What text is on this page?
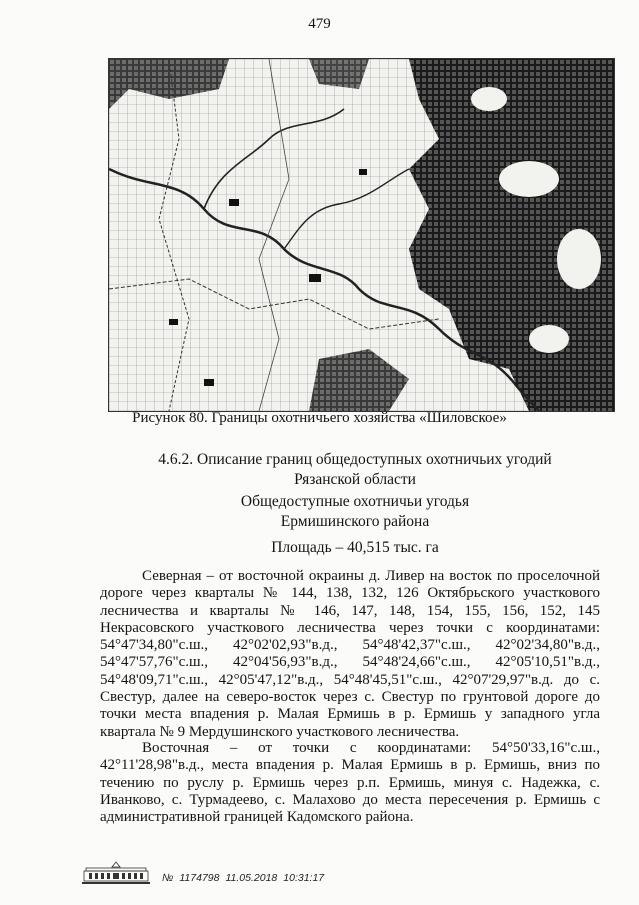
479
Рисунок 80. Границы охотничьего хозяйства «Шиловское»
4.6.2. Описание границ общедоступных охотничьих угодий
Рязанской области
Общедоступные охотничьи угодья
Ермишинского района
Площадь – 40,515 тыс. га

Северная – от восточной окраины д. Ливер на восток по проселочной дороге через кварталы № 144, 138, 132, 126 Октябрьского участкового лесничества и кварталы № 146, 147, 148, 154, 155, 156, 152, 145 Некрасовского участкового лесничества через точки с координатами: 54°47'34,80"с.ш., 42°02'02,93"в.д., 54°48'42,37"с.ш., 42°02'34,80"в.д., 54°47'57,76"с.ш., 42°04'56,93"в.д., 54°48'24,66"с.ш., 42°05'10,51"в.д., 54°48'09,71"с.ш., 42°05'47,12"в.д., 54°48'45,51"с.ш., 42°07'29,97"в.д. до с. Свестур, далее на северо-восток через с. Свестур по грунтовой дороге до точки места впадения р. Малая Ермишь в р. Ермишь у западного угла квартала № 9 Мердушинского участкового лесничества.

Восточная – от точки с координатами: 54°50'33,16"с.ш., 42°11'28,98"в.д., места впадения р. Малая Ермишь в р. Ермишь, вниз по течению по руслу р. Ермишь через р.п. Ермишь, минуя с. Надежка, с. Иванково, с. Турмадеево, с. Малахово до места пересечения р. Ермишь с административной границей Кадомского района.

№ 1174798 11.05.2018 10:31:17
